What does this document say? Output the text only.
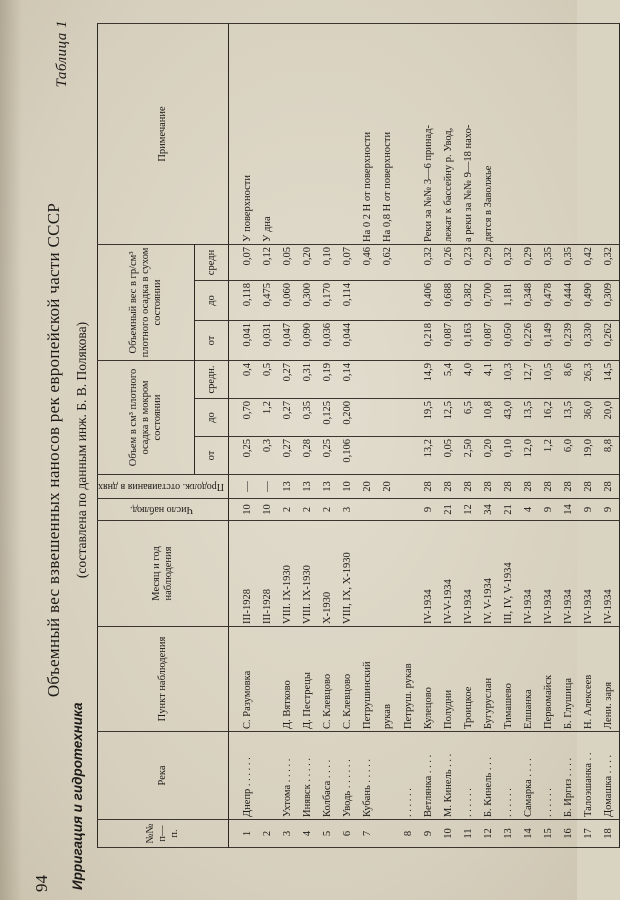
94 Ирригация и гидротехника
Объемный вес взвешенных наносов рек европейской части СССР (составлена по данным инж. Б. В. Полякова)
Таблица 1
№№ п—п.	Река	Пункт наблюдения	Месяц и год наблюдения	Число наблюд.	Продолж. отстаивания в днях	Объем в см³ плотного осадка в мокром состоянии			Объемный вес в гр/см³ плотного осадка в сухом состоянии			Примечание
						от	до	средн.	от	до	средн	
1	Днепр . . . . . .	С. Разумовка	III-1928	10	—	0,25	0,70	0,4	0,041	0,118	0,07	У поверхности
2			III-1928	10	—	0,3	1,2	0,5	0,031	0,475	0,12	У дна
3	Ухтома . . . . .	Д. Вятково	VIII. IX-1930	2	13	0,27	0,27	0,27	0,047	0,060	0,05	
4	Инявск . . . . .	Д. Пестрецы	VIII. IX-1930	2	13	0,28	0,35	0,31	0,090	0,300	0,20	
5	Колбаса . . . .	С. Клевцово	X-1930	2	13	0,25	0,125	0,19	0,036	0,170	0,10	
6	Уводь . . . . . .	С. Клевцово	VIII, IX, X-1930	3	10	0,106	0,200	0,14	0,044	0,114	0,07	
7	Кубань . . . . .	Петрушинский			20						0,46	На 0 2 Н от поверхности
		рукав			20						0,62	На 0,8 Н от поверхности
8	. . . . . .	Петруш. рукав										
9	Ветлянка . . . .	Кулецово	IV-1934	9	28	13,2	19,5	14,9	0,218	0,406	0,32	Реки за №№ 3—6 принад-
10	М. Кинель . . .	Полудни	IV-V-1934	21	28	0,05	12,5	5,4	0,087	0,688	0,26	лежат к бассейну р. Увод,
11	. . . . . .	Троицкое	IV-1934	12	28	2,50	6,5	4,0	0,163	0,382	0,23	а реки за №№ 9—18 нахо-
12	Б. Кинель . . .	Бугуруслан	IV. V-1934	34	28	0,20	10,8	4,1	0,087	0,700	0,29	дятся в Заволжье
13	. . . . . .	Тимашево	III, IV, V-1934	21	28	0,10	43,0	10,3	0,050	1,181	0,32	
14	Самарка . . . .	Елшанка	IV-1934	4	28	12,0	13,5	12,7	0,226	0,348	0,29	
15	. . . . . .	Первомайск	IV-1934	9	28	1,2	16,2	10,5	0,149	0,478	0,35	
16	Б. Иргиз . . . .	Б. Глушица	IV-1934	14	28	6,0	13,5	8,6	0,239	0,444	0,35	
17	Талоэшанка . .	Н. Алексеев	IV-1934	9	28	19,0	36,0	26,3	0,330	0,490	0,42	
18	Домашка . . . .	Лени. заря	IV-1934	9	28	8,8	20,0	14,5	0,262	0,309	0,32	
